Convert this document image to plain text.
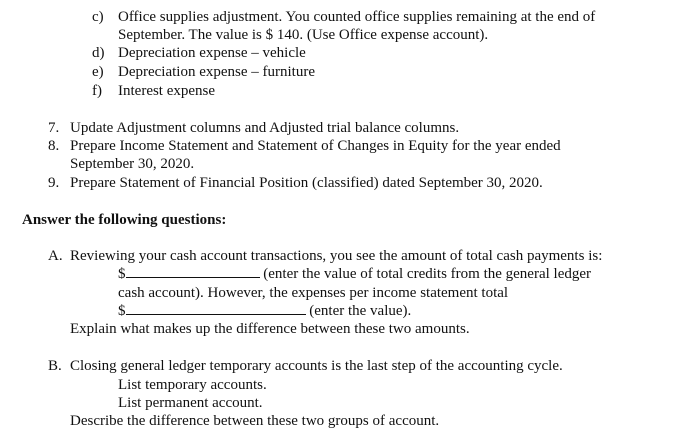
c) Office supplies adjustment. You counted office supplies remaining at the end of
September. The value is $ 140. (Use Office expense account).
d) Depreciation expense – vehicle
e) Depreciation expense – furniture
f) Interest expense
7. Update Adjustment columns and Adjusted trial balance columns.
8. Prepare Income Statement and Statement of Changes in Equity for the year ended
September 30, 2020.
9. Prepare Statement of Financial Position (classified) dated September 30, 2020.
Answer the following questions:
A. Reviewing your cash account transactions, you see the amount of total cash payments is:
$	(enter the value of total credits from the general ledger
cash account). However, the expenses per income statement total
$	(enter the value).
Explain what makes up the difference between these two amounts.
B. Closing general ledger temporary accounts is the last step of the accounting cycle.
List temporary accounts.
List permanent account.
Describe the difference between these two groups of account.
